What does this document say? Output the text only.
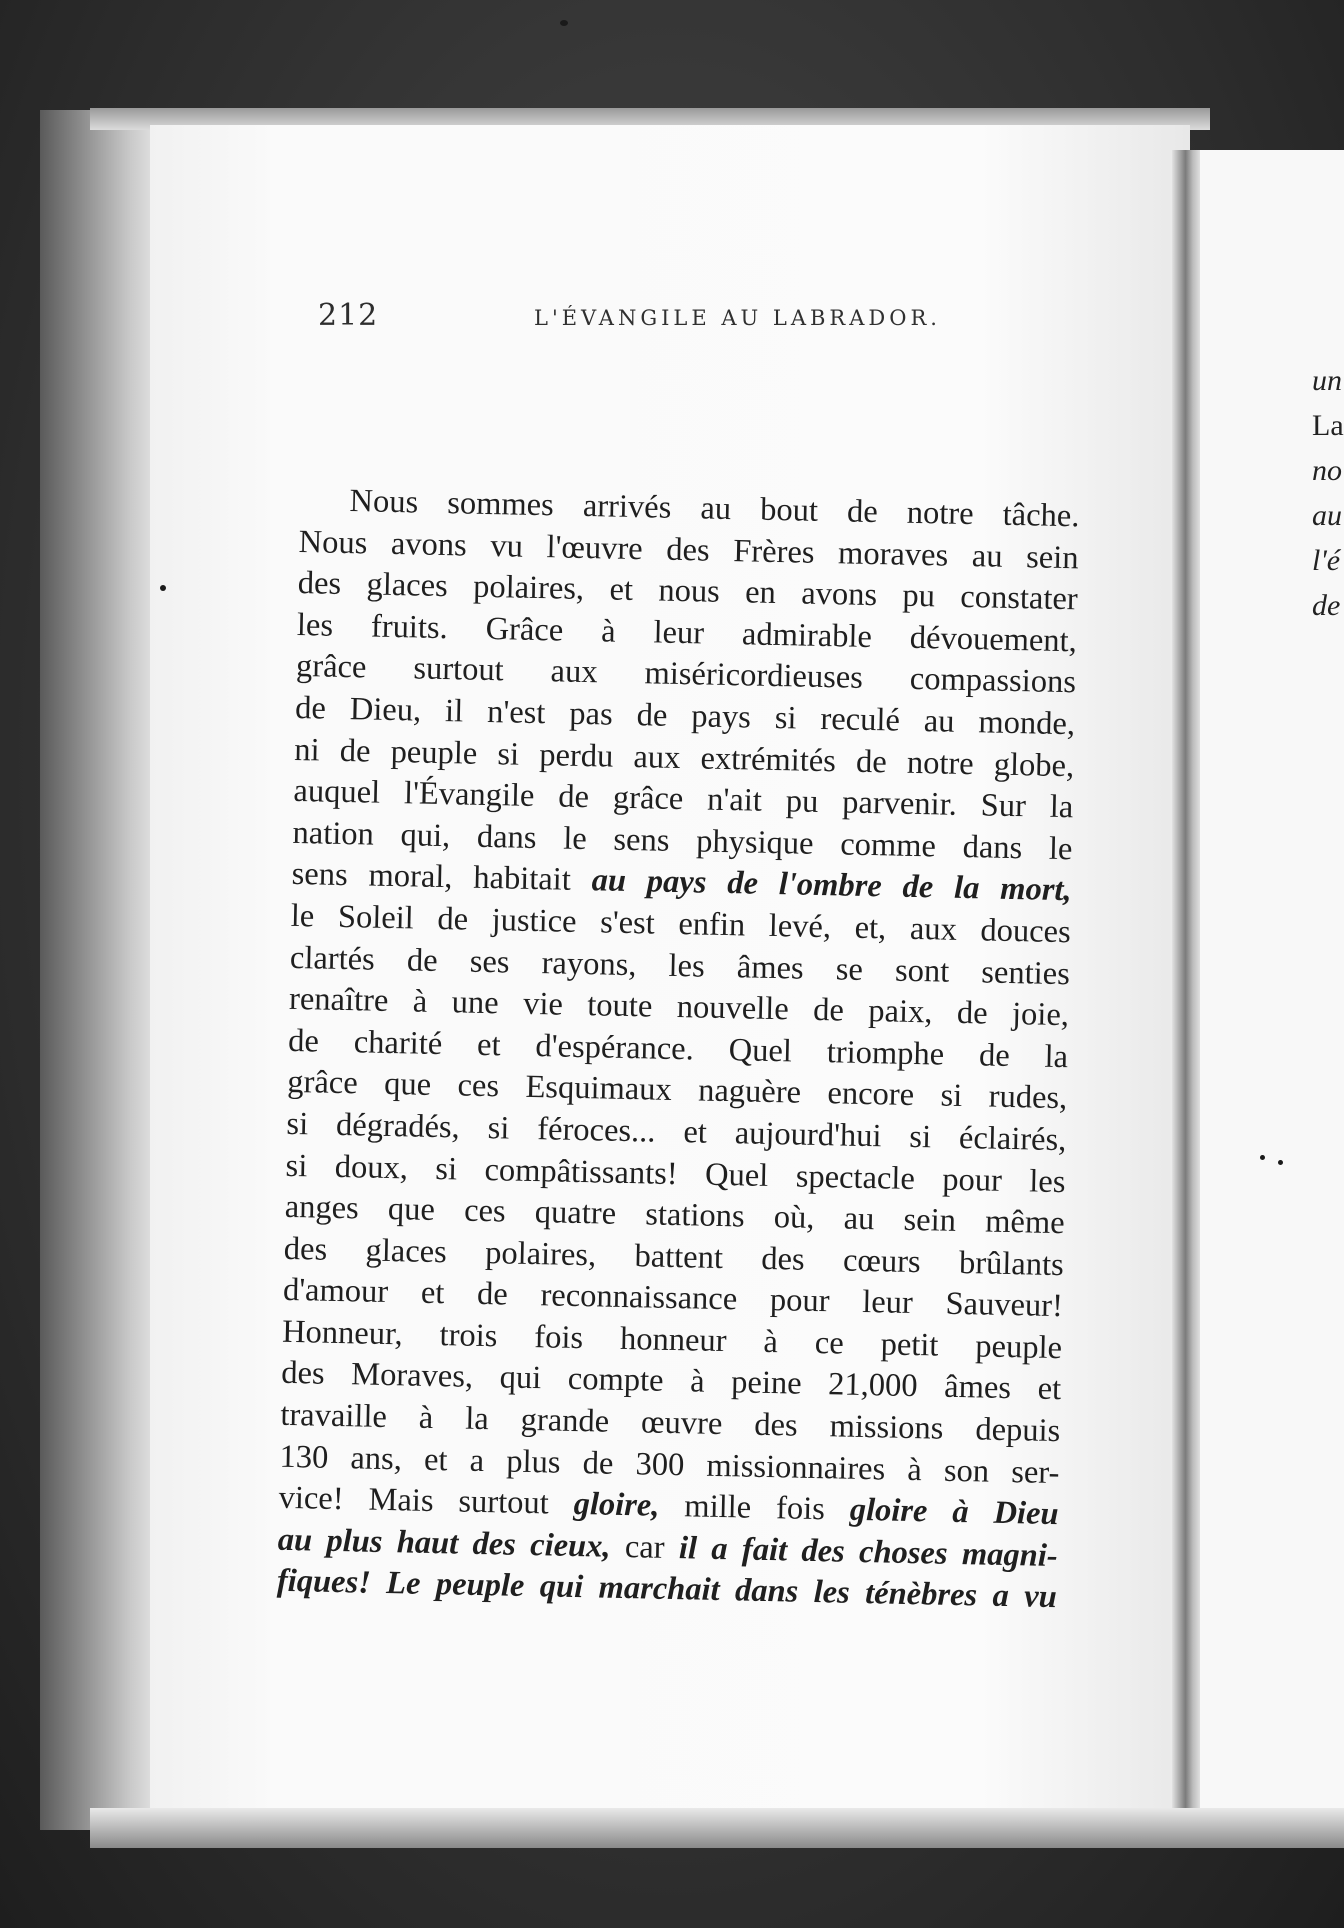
212	L'ÉVANGILE AU LABRADOR.
Nous sommes arrivés au bout de notre tâche.
Nous avons vu l'œuvre des Frères moraves au sein
des glaces polaires, et nous en avons pu constater
les fruits. Grâce à leur admirable dévouement,
grâce surtout aux miséricordieuses compassions
de Dieu, il n'est pas de pays si reculé au monde,
ni de peuple si perdu aux extrémités de notre globe,
auquel l'Évangile de grâce n'ait pu parvenir. Sur la
nation qui, dans le sens physique comme dans le
sens moral, habitait au pays de l'ombre de la mort,
le Soleil de justice s'est enfin levé, et, aux douces
clartés de ses rayons, les âmes se sont senties
renaître à une vie toute nouvelle de paix, de joie,
de charité et d'espérance. Quel triomphe de la
grâce que ces Esquimaux naguère encore si rudes,
si dégradés, si féroces... et aujourd'hui si éclairés,
si doux, si compâtissants! Quel spectacle pour les
anges que ces quatre stations où, au sein même
des glaces polaires, battent des cœurs brûlants
d'amour et de reconnaissance pour leur Sauveur!
Honneur, trois fois honneur à ce petit peuple
des Moraves, qui compte à peine 21,000 âmes et
travaille à la grande œuvre des missions depuis
130 ans, et a plus de 300 missionnaires à son ser-
vice! Mais surtout gloire, mille fois gloire à Dieu
au plus haut des cieux, car il a fait des choses magni-
fiques! Le peuple qui marchait dans les ténèbres a vu
un
La
no
au
l'é
de
